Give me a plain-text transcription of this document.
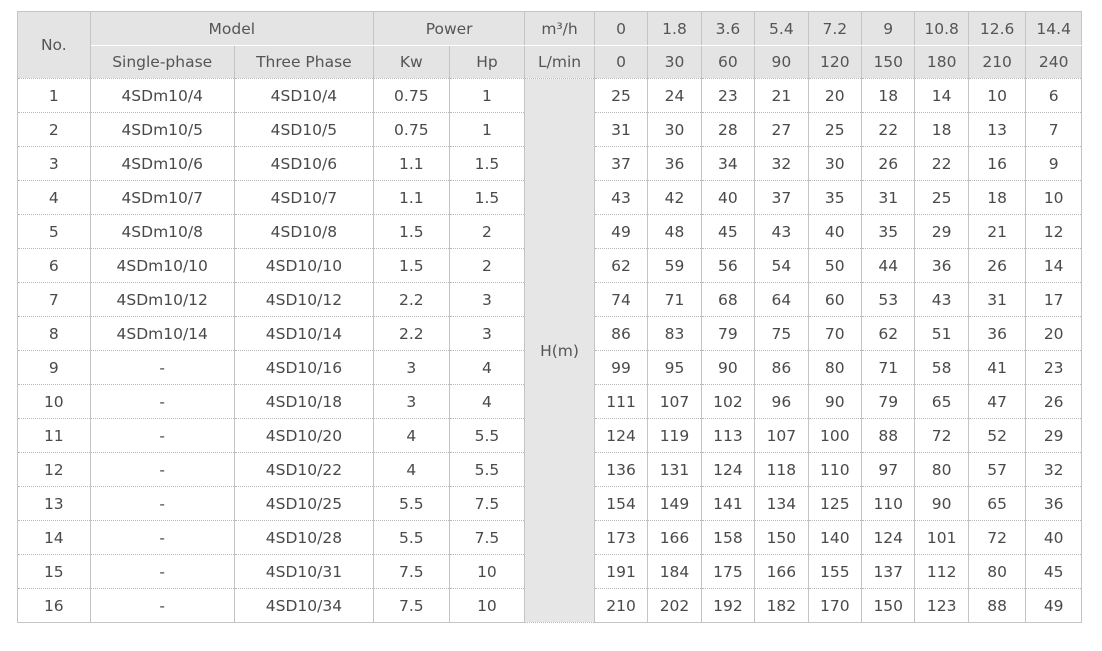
No.	Model		Power		m³/h	0	1.8	3.6	5.4	7.2	9	10.8	12.6	14.4
	Single-phase	Three Phase	Kw	Hp	L/min	0	30	60	90	120	150	180	210	240
1	4SDm10/4	4SD10/4	0.75	1	H(m)	25	24	23	21	20	18	14	10	6
2	4SDm10/5	4SD10/5	0.75	1		31	30	28	27	25	22	18	13	7
3	4SDm10/6	4SD10/6	1.1	1.5		37	36	34	32	30	26	22	16	9
4	4SDm10/7	4SD10/7	1.1	1.5		43	42	40	37	35	31	25	18	10
5	4SDm10/8	4SD10/8	1.5	2		49	48	45	43	40	35	29	21	12
6	4SDm10/10	4SD10/10	1.5	2		62	59	56	54	50	44	36	26	14
7	4SDm10/12	4SD10/12	2.2	3		74	71	68	64	60	53	43	31	17
8	4SDm10/14	4SD10/14	2.2	3		86	83	79	75	70	62	51	36	20
9	-	4SD10/16	3	4		99	95	90	86	80	71	58	41	23
10	-	4SD10/18	3	4		111	107	102	96	90	79	65	47	26
11	-	4SD10/20	4	5.5		124	119	113	107	100	88	72	52	29
12	-	4SD10/22	4	5.5		136	131	124	118	110	97	80	57	32
13	-	4SD10/25	5.5	7.5		154	149	141	134	125	110	90	65	36
14	-	4SD10/28	5.5	7.5		173	166	158	150	140	124	101	72	40
15	-	4SD10/31	7.5	10		191	184	175	166	155	137	112	80	45
16	-	4SD10/34	7.5	10		210	202	192	182	170	150	123	88	49
